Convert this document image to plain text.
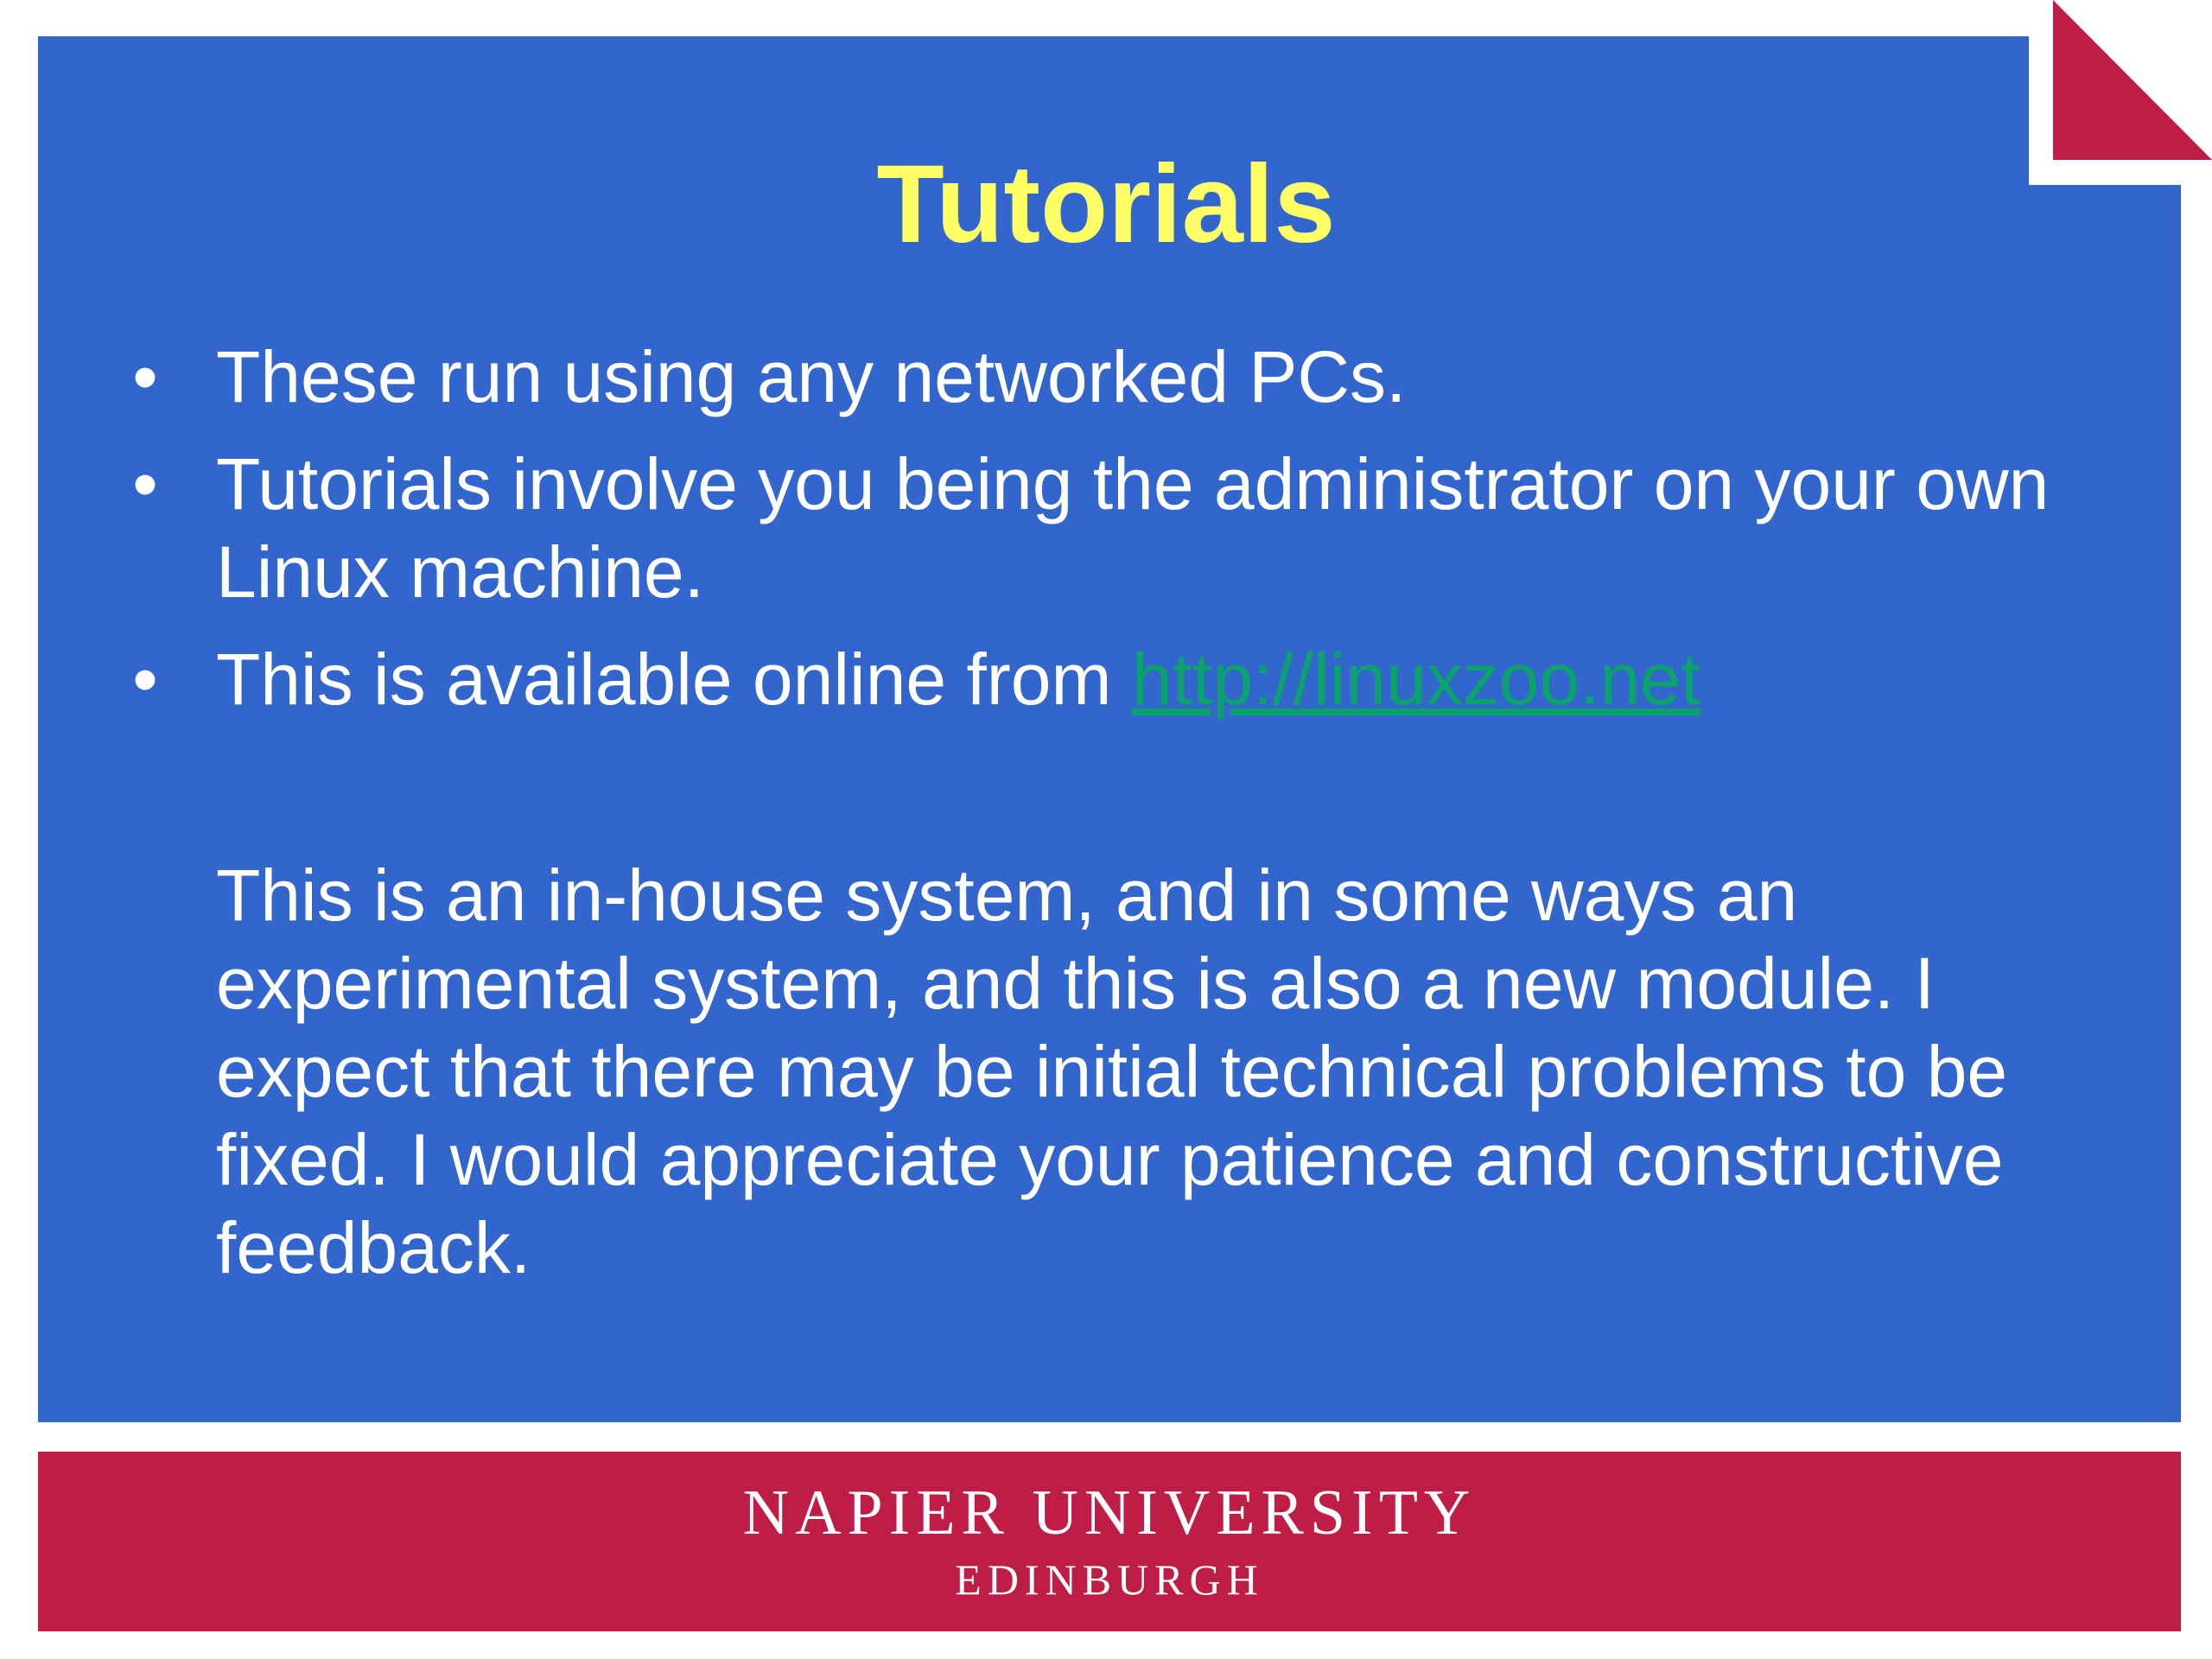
Tutorials
• These run using any networked PCs.
• Tutorials involve you being the administrator on your own Linux machine.
• This is available online from http://linuxzoo.net

This is an in-house system, and in some ways an experimental system, and this is also a new module. I expect that there may be initial technical problems to be fixed. I would appreciate your patience and constructive feedback.

NAPIER UNIVERSITY
EDINBURGH
